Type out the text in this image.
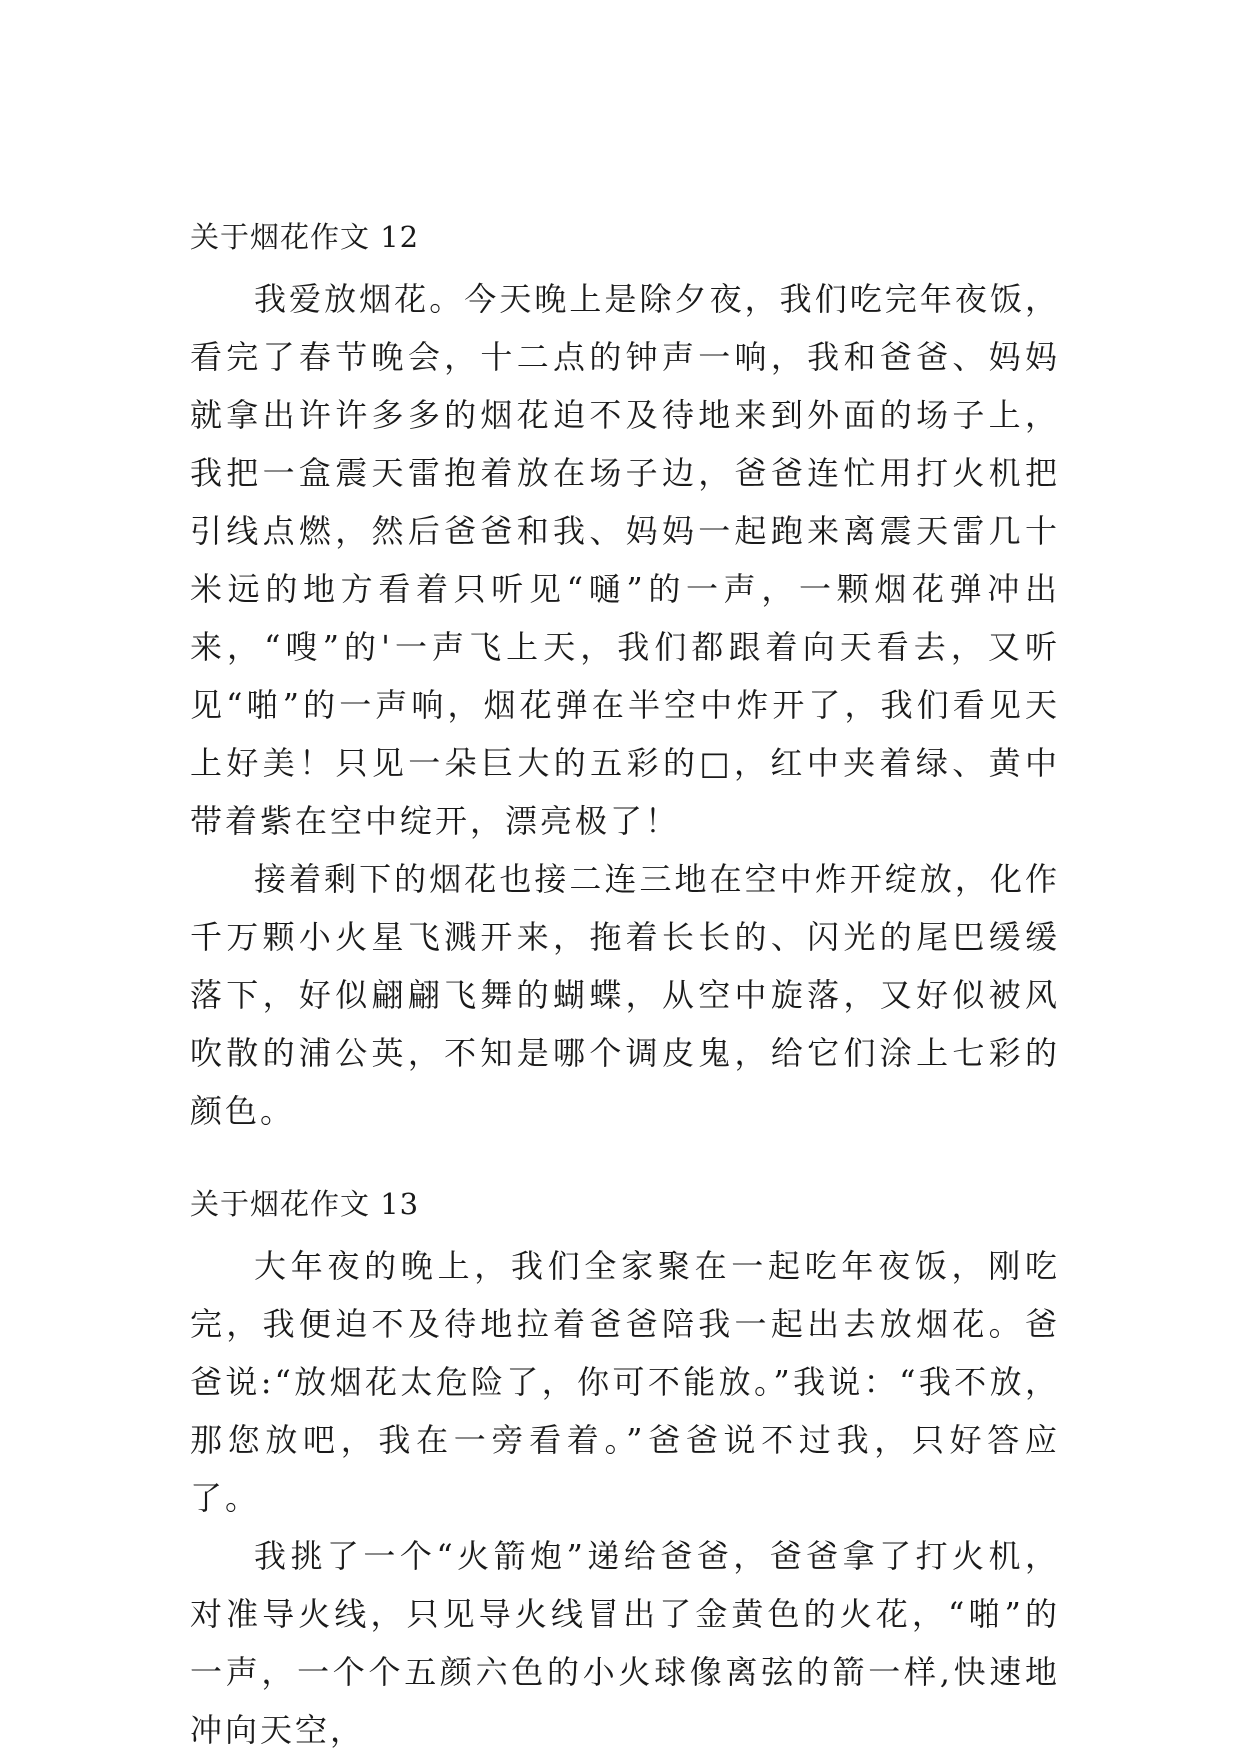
关于烟花作文 12

我爱放烟花。今天晚上是除夕夜，我们吃完年夜饭，看完了春节晚会，十二点的钟声一响，我和爸爸、妈妈就拿出许许多多的烟花迫不及待地来到外面的场子上，我把一盒震天雷抱着放在场子边，爸爸连忙用打火机把引线点燃，然后爸爸和我、妈妈一起跑来离震天雷几十米远的地方看着只听见“嗵”的一声，一颗烟花弹冲出来，“嗖”的'一声飞上天，我们都跟着向天看去，又听见“啪”的一声响，烟花弹在半空中炸开了，我们看见天上好美！只见一朵巨大的五彩的□，红中夹着绿、黄中带着紫在空中绽开，漂亮极了！

接着剩下的烟花也接二连三地在空中炸开绽放，化作千万颗小火星飞溅开来，拖着长长的、闪光的尾巴缓缓落下，好似翩翩飞舞的蝴蝶，从空中旋落，又好似被风吹散的浦公英，不知是哪个调皮鬼，给它们涂上七彩的颜色。

关于烟花作文 13

大年夜的晚上，我们全家聚在一起吃年夜饭，刚吃完，我便迫不及待地拉着爸爸陪我一起出去放烟花。爸爸说:“放烟花太危险了，你可不能放。”我说：“我不放，那您放吧，我在一旁看着。”爸爸说不过我，只好答应了。

我挑了一个“火箭炮”递给爸爸，爸爸拿了打火机，对准导火线，只见导火线冒出了金黄色的火花，“啪”的一声，一个个五颜六色的小火球像离弦的箭一样,快速地冲向天空，
